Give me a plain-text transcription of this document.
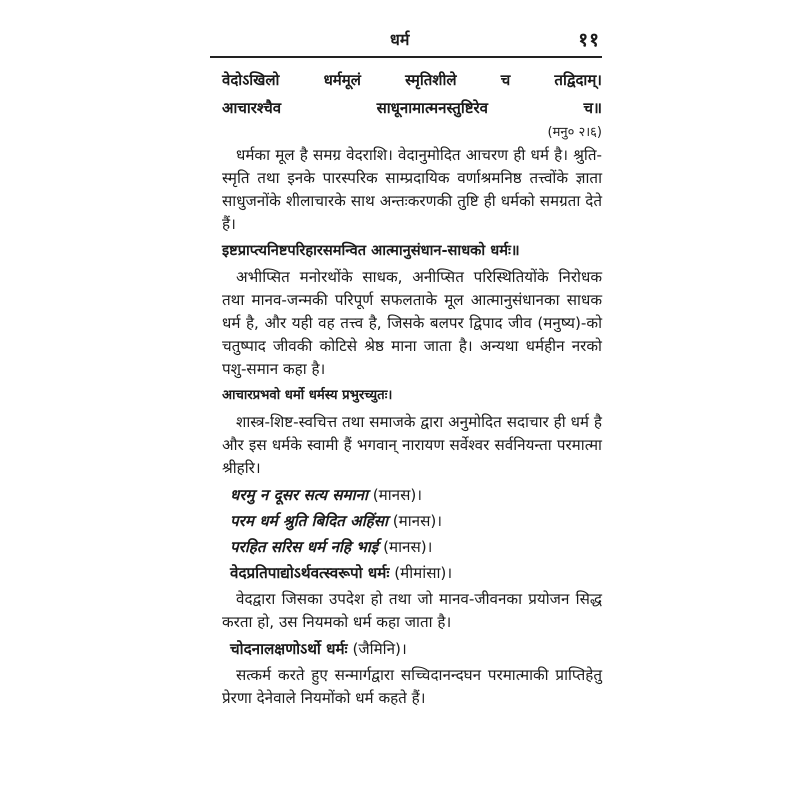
धर्म	११
वेदोऽखिलो	धर्ममूलं	स्मृतिशीले	च	तद्विदाम्।
आचारश्चैव	साधूनामात्मनस्तुष्टिरेव	च॥
(मनु० २।६)

धर्मका मूल है समग्र वेदराशि। वेदानुमोदित आचरण ही धर्म है। श्रुति-स्मृति तथा इनके पारस्परिक साम्प्रदायिक वर्णाश्रमनिष्ठ तत्त्वोंके ज्ञाता साधुजनोंके शीलाचारके साथ अन्तःकरणकी तुष्टि ही धर्मको समग्रता देते हैं।

इष्टप्राप्त्यनिष्टपरिहारसमन्वित आत्मानुसंधान-साधको धर्मः॥

अभीप्सित मनोरथोंके साधक, अनीप्सित परिस्थितियोंके निरोधक तथा मानव-जन्मकी परिपूर्ण सफलताके मूल आत्मानुसंधानका साधक धर्म है, और यही वह तत्त्व है, जिसके बलपर द्विपाद जीव (मनुष्य)-को चतुष्पाद जीवकी कोटिसे श्रेष्ठ माना जाता है। अन्यथा धर्महीन नरको पशु-समान कहा है।

आचारप्रभवो धर्मो धर्मस्य प्रभुरच्युतः।

शास्त्र-शिष्ट-स्वचित्त तथा समाजके द्वारा अनुमोदित सदाचार ही धर्म है और इस धर्मके स्वामी हैं भगवान् नारायण सर्वेश्वर सर्वनियन्ता परमात्मा श्रीहरि।

धरमु न दूसर सत्य समाना (मानस)।

परम धर्म श्रुति बिदित अहिंसा (मानस)।

परहित सरिस धर्म नहि भाई (मानस)।

वेदप्रतिपाद्योऽर्थवत्स्वरूपो धर्मः (मीमांसा)।

वेदद्वारा जिसका उपदेश हो तथा जो मानव-जीवनका प्रयोजन सिद्ध करता हो, उस नियमको धर्म कहा जाता है।

चोदनालक्षणोऽर्थो धर्मः (जैमिनि)।

सत्कर्म करते हुए सन्मार्गद्वारा सच्चिदानन्दघन परमात्माकी प्राप्तिहेतु प्रेरणा देनेवाले नियमोंको धर्म कहते हैं।
